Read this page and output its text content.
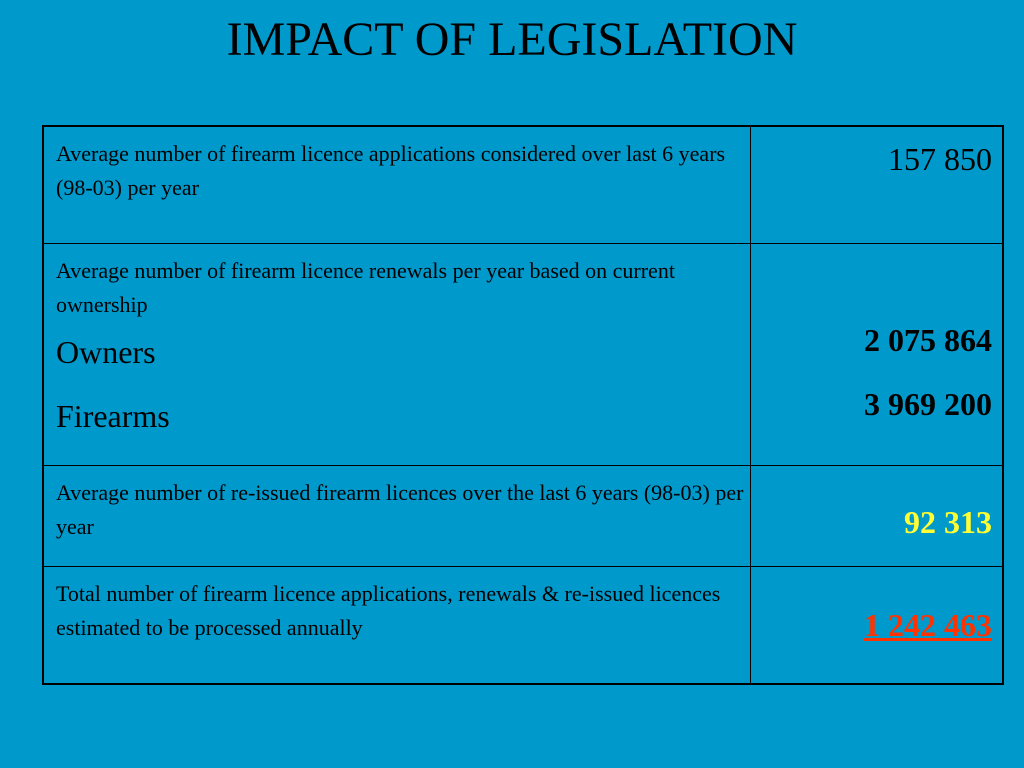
IMPACT OF LEGISLATION
Average number of firearm licence applications considered over last 6 years (98-03) per year
157 850
Average number of firearm licence renewals per year based on current ownership
Owners
Firearms
2 075 864
3 969 200
Average number of re-issued firearm licences over the last 6 years (98-03) per year	92 313
Total number of firearm licence applications, renewals & re-issued licences estimated to be processed annually	1 242 463
